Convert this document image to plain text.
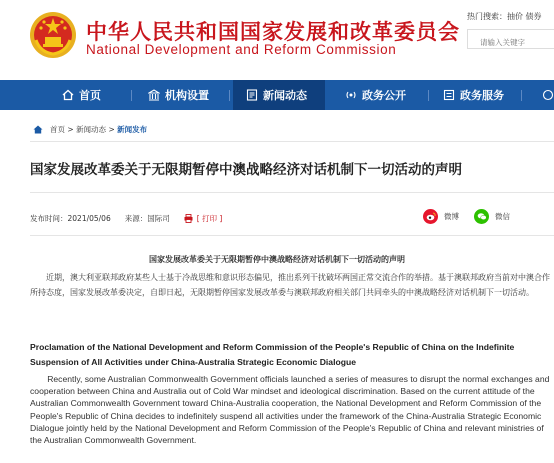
中华人民共和国国家发展和改革委员会
National Development and Reform Commission
热门搜索：抽价 债券
请输入关键字
首页	机构设置	新闻动态	政务公开	政务服务
首页 > 新闻动态 > 新闻发布
国家发展改革委关于无限期暂停中澳战略经济对话机制下一切活动的声明
发布时间： 2021/05/06 来源： 国际司	[ 打印 ]	微博	微信
国家发展改革委关于无限期暂停中澳战略经济对话机制下一切活动的声明
近期，澳大利亚联邦政府某些人士基于冷战思维和意识形态偏见，推出系列干扰破坏两国正常交流合作的举措。基于澳联邦政府当前对中澳合作所持态度，国家发展改革委决定，自即日起，无限期暂停国家发展改革委与澳联邦政府相关部门共同牵头的中澳战略经济对话机制下一切活动。
Proclamation of the National Development and Reform Commission of the People's Republic of China on the Indefinite Suspension of All Activities under China-Australia Strategic Economic Dialogue
Recently, some Australian Commonwealth Government officials launched a series of measures to disrupt the normal exchanges and cooperation between China and Australia out of Cold War mindset and ideological discrimination. Based on the current attitude of the Australian Commonwealth Government toward China-Australia cooperation, the National Development and Reform Commission of the People's Republic of China decides to indefinitely suspend all activities under the framework of the China-Australia Strategic Economic Dialogue jointly held by the National Development and Reform Commission of the People's Republic of China and relevant ministries of the Australian Commonwealth Government.
